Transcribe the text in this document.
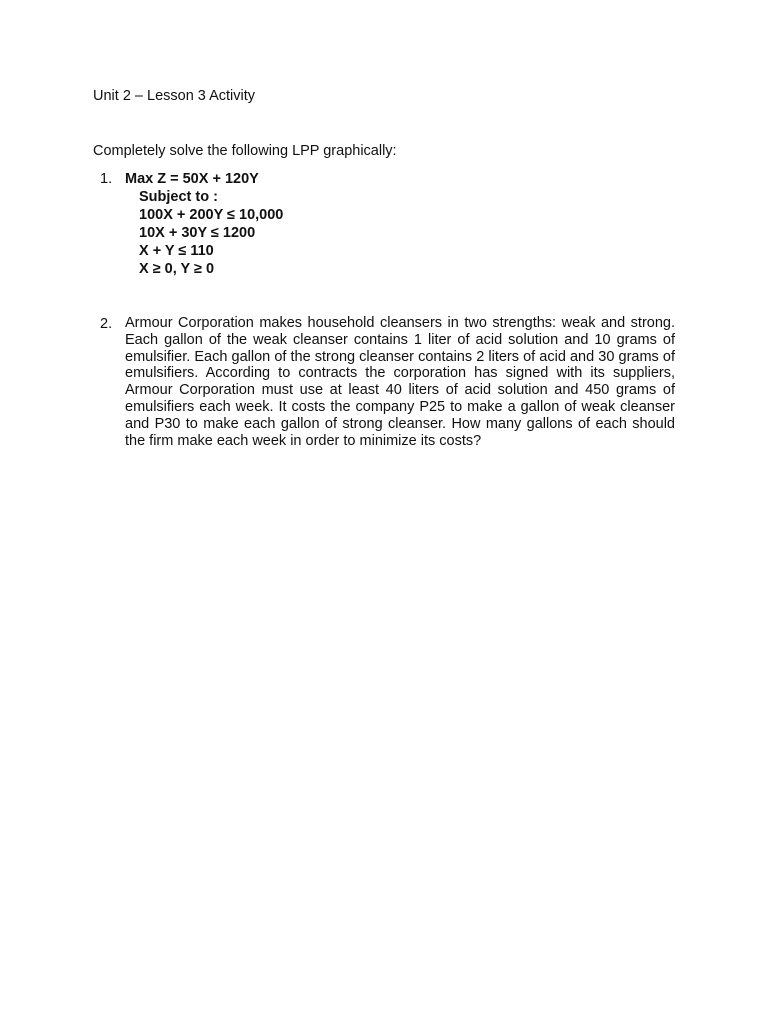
Unit 2 – Lesson 3 Activity
Completely solve the following LPP graphically:
1. Max Z = 50X + 120Y
Subject to :
100X + 200Y ≤ 10,000
10X + 30Y ≤ 1200
X + Y ≤ 110
X ≥ 0, Y ≥ 0
2. Armour Corporation makes household cleansers in two strengths: weak and strong. Each gallon of the weak cleanser contains 1 liter of acid solution and 10 grams of emulsifier. Each gallon of the strong cleanser contains 2 liters of acid and 30 grams of emulsifiers. According to contracts the corporation has signed with its suppliers, Armour Corporation must use at least 40 liters of acid solution and 450 grams of emulsifiers each week. It costs the company P25 to make a gallon of weak cleanser and P30 to make each gallon of strong cleanser. How many gallons of each should the firm make each week in order to minimize its costs?
